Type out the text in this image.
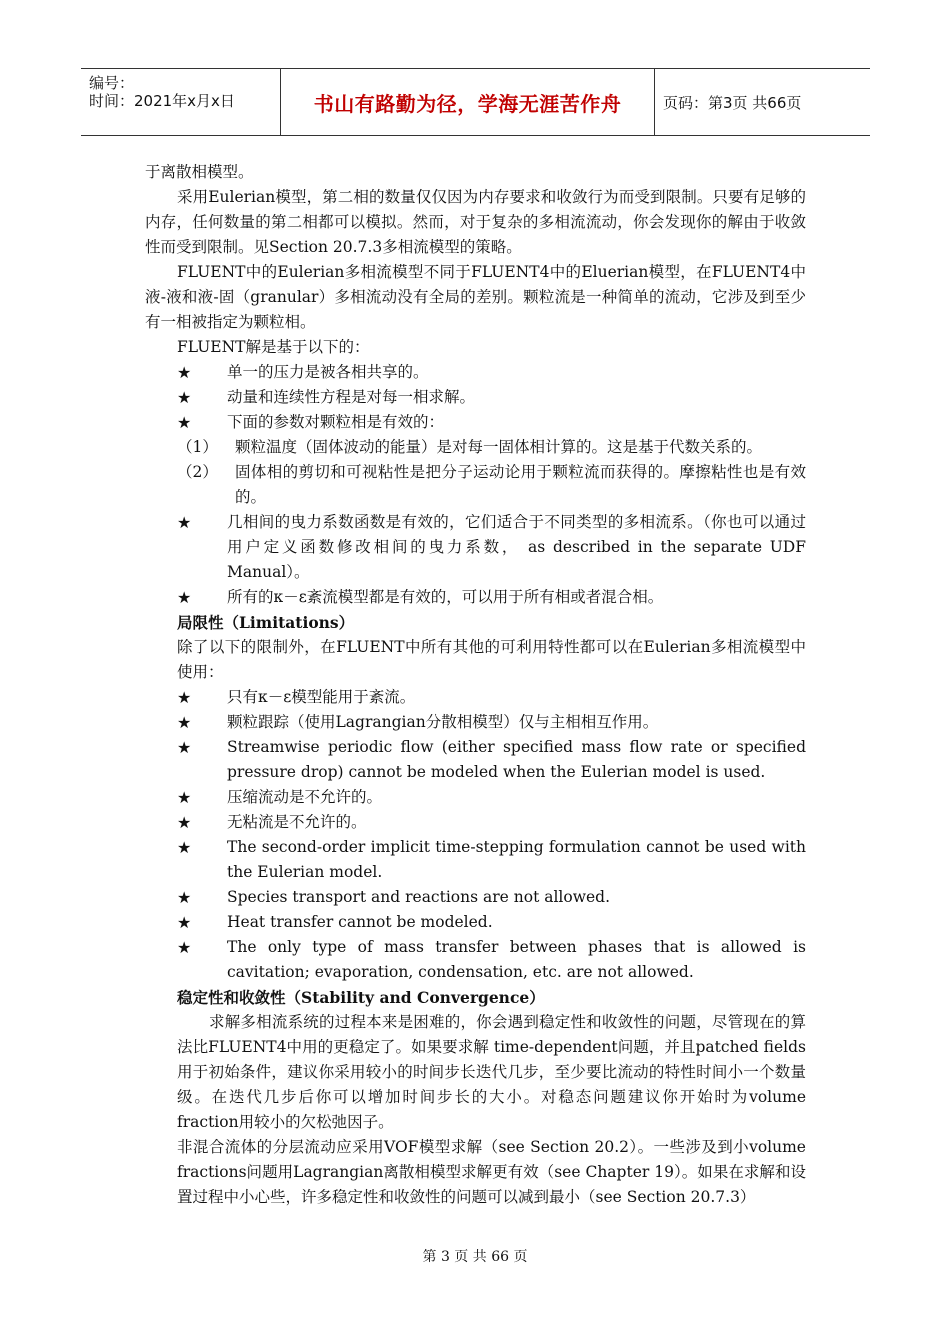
编号：
时间：2021年x月x日	书山有路勤为径，学海无涯苦作舟	页码：第3页 共66页
于离散相模型。
采用Eulerian模型，第二相的数量仅仅因为内存要求和收敛行为而受到限制。只要有足够的内存，任何数量的第二相都可以模拟。然而，对于复杂的多相流流动，你会发现你的解由于收敛性而受到限制。见Section 20.7.3多相流模型的策略。
FLUENT中的Eulerian多相流模型不同于FLUENT4中的Eluerian模型，在FLUENT4中液-液和液-固（granular）多相流动没有全局的差别。颗粒流是一种简单的流动，它涉及到至少有一相被指定为颗粒相。
FLUENT解是基于以下的：
★ 单一的压力是被各相共享的。
★ 动量和连续性方程是对每一相求解。
★ 下面的参数对颗粒相是有效的：
（1） 颗粒温度（固体波动的能量）是对每一固体相计算的。这是基于代数关系的。
（2） 固体相的剪切和可视粘性是把分子运动论用于颗粒流而获得的。摩擦粘性也是有效的。
★ 几相间的曳力系数函数是有效的，它们适合于不同类型的多相流系。（你也可以通过用户定义函数修改相间的曳力系数， as described in the separate UDF Manual）。
★ 所有的κ－ε紊流模型都是有效的，可以用于所有相或者混合相。
局限性（Limitations）
除了以下的限制外，在FLUENT中所有其他的可利用特性都可以在Eulerian多相流模型中使用：
★ 只有κ－ε模型能用于紊流。
★ 颗粒跟踪（使用Lagrangian分散相模型）仅与主相相互作用。
★ Streamwise periodic flow (either specified mass flow rate or specified pressure drop) cannot be modeled when the Eulerian model is used.
★ 压缩流动是不允许的。
★ 无粘流是不允许的。
★ The second-order implicit time-stepping formulation cannot be used with the Eulerian model.
★ Species transport and reactions are not allowed.
★ Heat transfer cannot be modeled.
★ The only type of mass transfer between phases that is allowed is cavitation; evaporation, condensation, etc. are not allowed.
稳定性和收敛性（Stability and Convergence）
求解多相流系统的过程本来是困难的，你会遇到稳定性和收敛性的问题，尽管现在的算法比FLUENT4中用的更稳定了。如果要求解 time-dependent问题，并且patched fields用于初始条件，建议你采用较小的时间步长迭代几步，至少要比流动的特性时间小一个数量级。在迭代几步后你可以增加时间步长的大小。对稳态问题建议你开始时为volume fraction用较小的欠松弛因子。
非混合流体的分层流动应采用VOF模型求解（see Section 20.2）。一些涉及到小volume fractions问题用Lagrangian离散相模型求解更有效（see Chapter 19）。如果在求解和设置过程中小心些，许多稳定性和收敛性的问题可以减到最小（see Section 20.7.3）
第 3 页 共 66 页
